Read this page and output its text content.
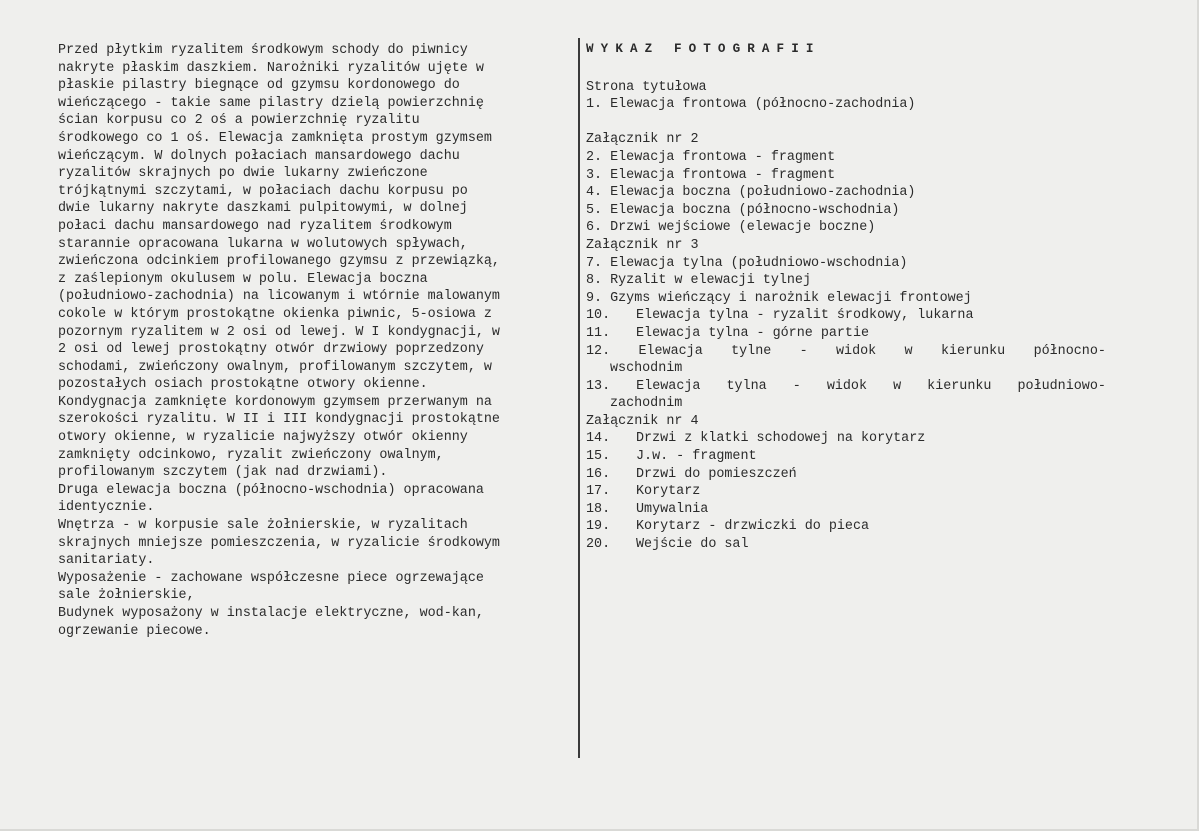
Przed płytkim ryzalitem środkowym schody do piwnicy
nakryte płaskim daszkiem. Narożniki ryzalitów ujęte w
płaskie pilastry biegnące od gzymsu kordonowego do
wieńczącego - takie same pilastry dzielą powierzchnię
ścian korpusu co 2 oś a powierzchnię ryzalitu
środkowego co 1 oś. Elewacja zamknięta prostym gzymsem
wieńczącym. W dolnych połaciach mansardowego dachu
ryzalitów skrajnych po dwie lukarny zwieńczone
trójkątnymi szczytami, w połaciach dachu korpusu po
dwie lukarny nakryte daszkami pulpitowymi, w dolnej
połaci dachu mansardowego nad ryzalitem środkowym
starannie opracowana lukarna w wolutowych spływach,
zwieńczona odcinkiem profilowanego gzymsu z przewiązką,
z zaślepionym okulusem w polu. Elewacja boczna
(południowo-zachodnia) na licowanym i wtórnie malowanym
cokole w którym prostokątne okienka piwnic, 5-osiowa z
pozornym ryzalitem w 2 osi od lewej. W I kondygnacji, w
2 osi od lewej prostokątny otwór drzwiowy poprzedzony
schodami, zwieńczony owalnym, profilowanym szczytem, w
pozostałych osiach prostokątne otwory okienne.
Kondygnacja zamknięte kordonowym gzymsem przerwanym na
szerokości ryzalitu. W II i III kondygnacji prostokątne
otwory okienne, w ryzalicie najwyższy otwór okienny
zamknięty odcinkowo, ryzalit zwieńczony owalnym,
profilowanym szczytem (jak nad drzwiami).
Druga elewacja boczna (północno-wschodnia) opracowana
identycznie.
Wnętrza - w korpusie sale żołnierskie, w ryzalitach
skrajnych mniejsze pomieszczenia, w ryzalicie środkowym
sanitariaty.
Wyposażenie - zachowane współczesne piece ogrzewające
sale żołnierskie,
Budynek wyposażony w instalacje elektryczne, wod-kan,
ogrzewanie piecowe.
WYKAZ FOTOGRAFII
Strona tytułowa
1. Elewacja frontowa (północno-zachodnia)
Załącznik nr 2
2. Elewacja frontowa - fragment
3. Elewacja frontowa - fragment
4. Elewacja boczna (południowo-zachodnia)
5. Elewacja boczna (północno-wschodnia)
6. Drzwi wejściowe (elewacje boczne)
Załącznik nr 3
7. Elewacja tylna (południowo-wschodnia)
8. Ryzalit w elewacji tylnej
9. Gzyms wieńczący i narożnik elewacji frontowej
10.	Elewacja tylna - ryzalit środkowy, lukarna
11.	Elewacja tylna - górne partie
12. Elewacja tylne - widok w kierunku północno-
wschodnim
13. Elewacja tylna - widok w kierunku południowo-
zachodnim
Załącznik nr 4
14.	Drzwi z klatki schodowej na korytarz
15.	J.w. - fragment
16.	Drzwi do pomieszczeń
17.	Korytarz
18.	Umywalnia
19.	Korytarz - drzwiczki do pieca
20.	Wejście do sal
